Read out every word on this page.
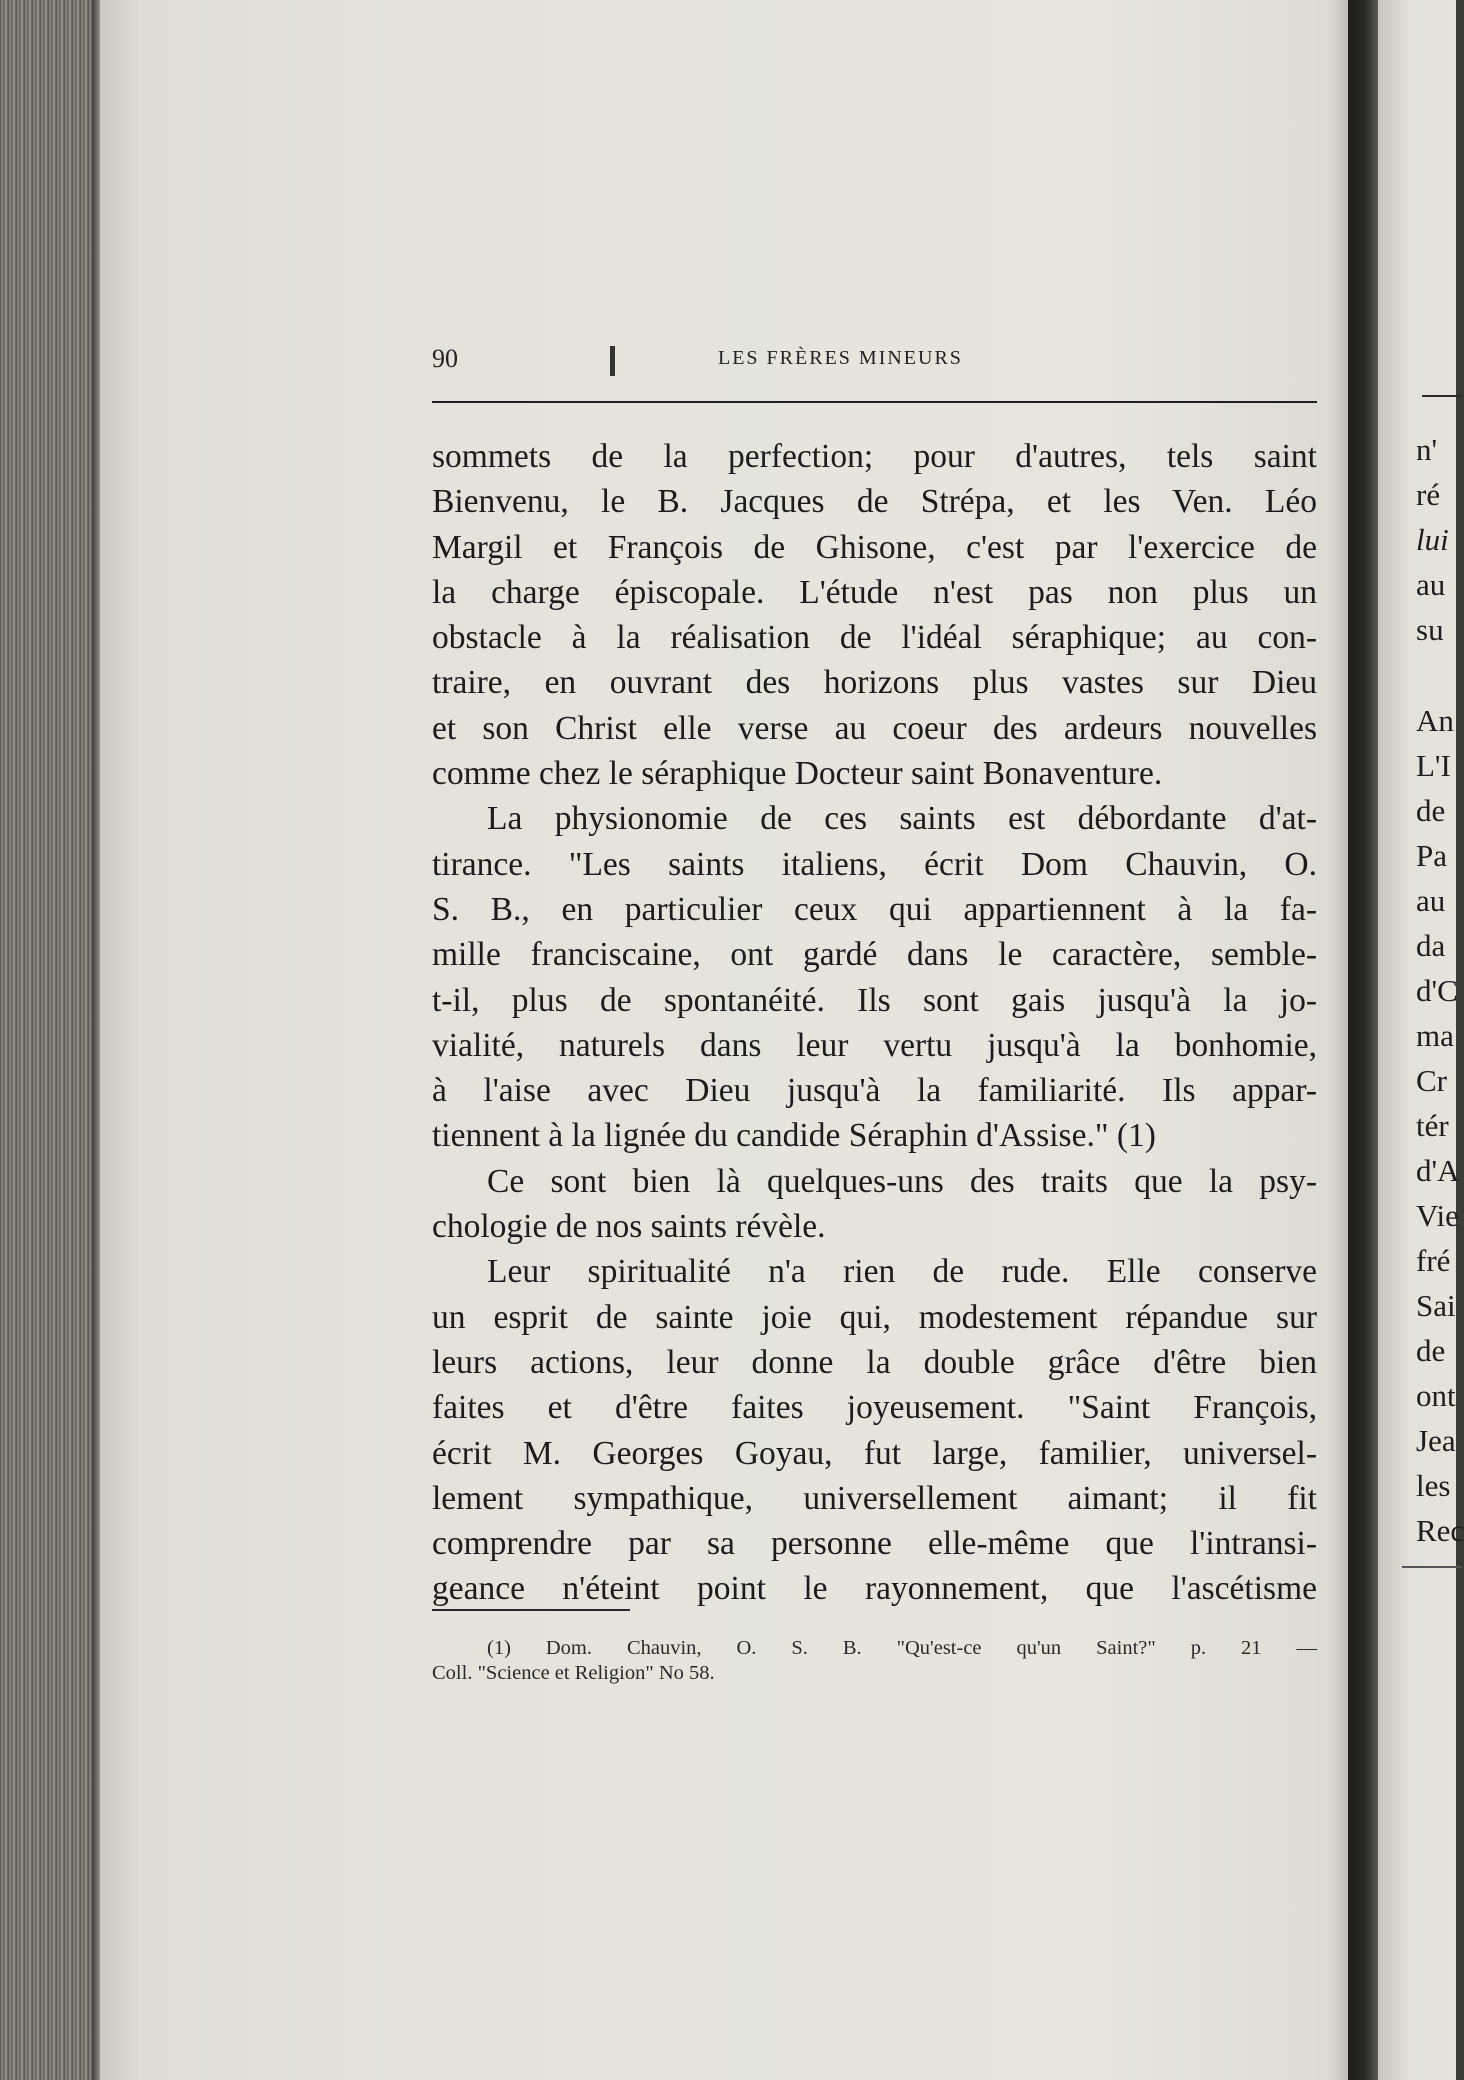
90	LES FRÈRES MINEURS
sommets de la perfection; pour d'autres, tels saint
Bienvenu, le B. Jacques de Strépa, et les Ven. Léo
Margil et François de Ghisone, c'est par l'exercice de
la charge épiscopale. L'étude n'est pas non plus un
obstacle à la réalisation de l'idéal séraphique; au con-
traire, en ouvrant des horizons plus vastes sur Dieu
et son Christ elle verse au coeur des ardeurs nouvelles
comme chez le séraphique Docteur saint Bonaventure.
La physionomie de ces saints est débordante d'at-
tirance. "Les saints italiens, écrit Dom Chauvin, O.
S. B., en particulier ceux qui appartiennent à la fa-
mille franciscaine, ont gardé dans le caractère, semble-
t-il, plus de spontanéité. Ils sont gais jusqu'à la jo-
vialité, naturels dans leur vertu jusqu'à la bonhomie,
à l'aise avec Dieu jusqu'à la familiarité. Ils appar-
tiennent à la lignée du candide Séraphin d'Assise." (1)
Ce sont bien là quelques-uns des traits que la psy-
chologie de nos saints révèle.
Leur spiritualité n'a rien de rude. Elle conserve
un esprit de sainte joie qui, modestement répandue sur
leurs actions, leur donne la double grâce d'être bien
faites et d'être faites joyeusement. "Saint François,
écrit M. Georges Goyau, fut large, familier, universel-
lement sympathique, universellement aimant; il fit
comprendre par sa personne elle-même que l'intransi-
geance n'éteint point le rayonnement, que l'ascétisme
(1) Dom. Chauvin, O. S. B. "Qu'est-ce qu'un Saint?" p. 21 —
Coll. "Science et Religion" No 58.
n'
ré
lui
au
su
An
L'I
de
Pa
au
da
d'C
ma
Cr
tér
d'A
Vie
fré
Sai
de
ont
Jea
les
Rec
